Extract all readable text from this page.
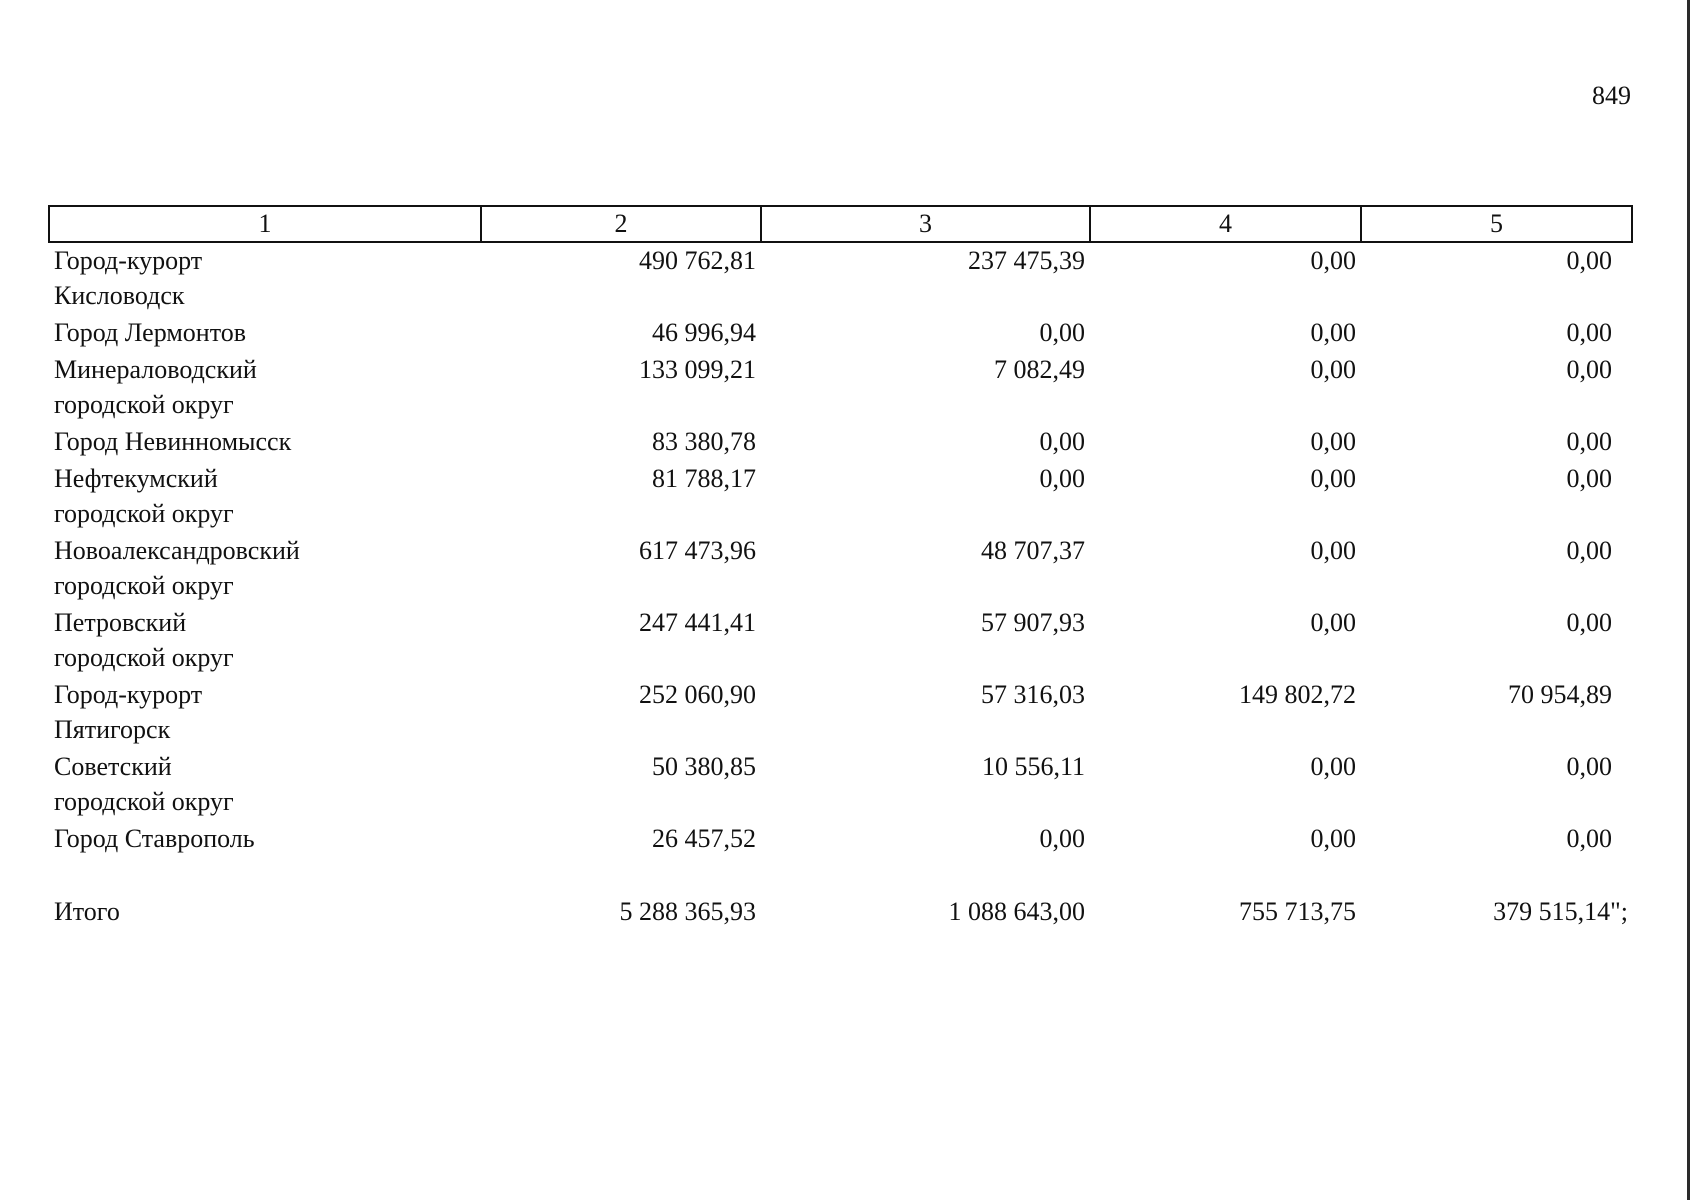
849
1	2	3	4	5
Город-курорт
Кисловодск	490 762,81	237 475,39	0,00	0,00
Город Лермонтов	46 996,94	0,00	0,00	0,00
Минераловодский
городской округ	133 099,21	7 082,49	0,00	0,00
Город Невинномысск	83 380,78	0,00	0,00	0,00
Нефтекумский
городской округ	81 788,17	0,00	0,00	0,00
Новоалександровский
городской округ	617 473,96	48 707,37	0,00	0,00
Петровский
городской округ	247 441,41	57 907,93	0,00	0,00
Город-курорт
Пятигорск	252 060,90	57 316,03	149 802,72	70 954,89
Советский
городской округ	50 380,85	10 556,11	0,00	0,00
Город Ставрополь	26 457,52	0,00	0,00	0,00

Итого	5 288 365,93	1 088 643,00	755 713,75	379 515,14";
